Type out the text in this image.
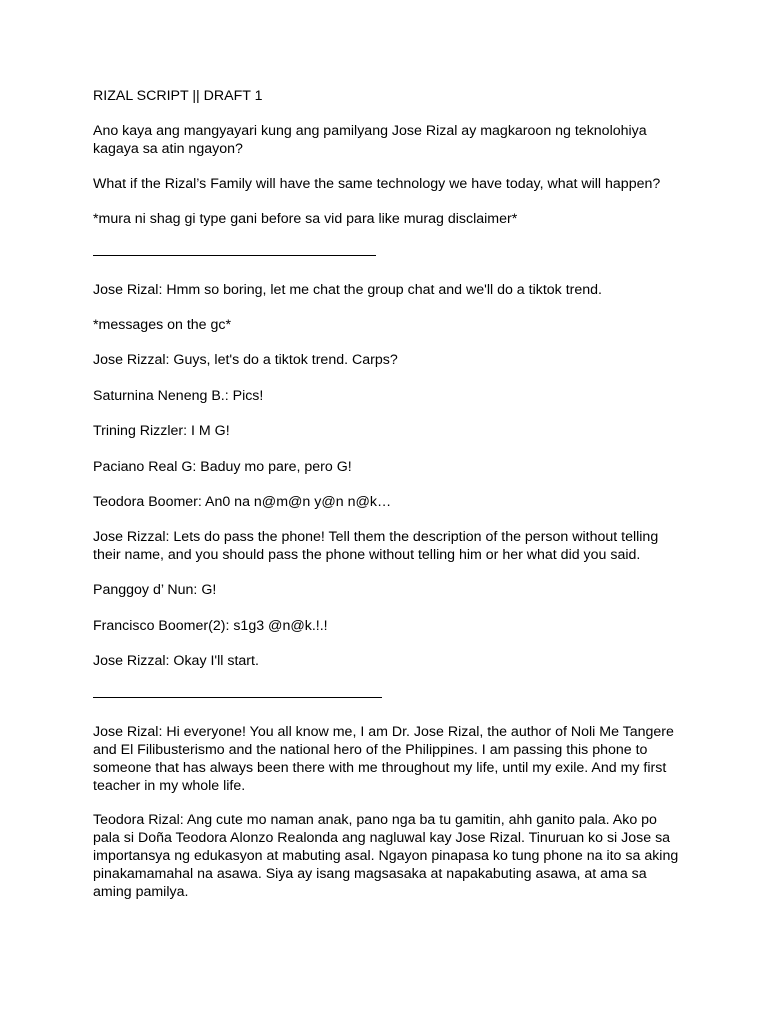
RIZAL SCRIPT || DRAFT 1
Ano kaya ang mangyayari kung ang pamilyang Jose Rizal ay magkaroon ng teknolohiya kagaya sa atin ngayon?
What if the Rizal’s Family will have the same technology we have today, what will happen?
*mura ni shag gi type gani before sa vid para like murag disclaimer*
Jose Rizal: Hmm so boring, let me chat the group chat and we'll do a tiktok trend.
*messages on the gc*
Jose Rizzal: Guys, let's do a tiktok trend. Carps?
Saturnina Neneng B.: Pics!
Trining Rizzler: I M G!
Paciano Real G: Baduy mo pare, pero G!
Teodora Boomer: An0 na n@m@n y@n n@k…
Jose Rizzal: Lets do pass the phone! Tell them the description of the person without telling their name, and you should pass the phone without telling him or her what did you said.
Panggoy d’ Nun: G!
Francisco Boomer(2): s1g3 @n@k.!.!
Jose Rizzal: Okay I'll start.
Jose Rizal: Hi everyone! You all know me, I am Dr. Jose Rizal, the author of Noli Me Tangere and El Filibusterismo and the national hero of the Philippines. I am passing this phone to someone that has always been there with me throughout my life, until my exile. And my first teacher in my whole life.
Teodora Rizal: Ang cute mo naman anak, pano nga ba tu gamitin, ahh ganito pala. Ako po pala si Doña Teodora Alonzo Realonda ang nagluwal kay Jose Rizal. Tinuruan ko si Jose sa importansya ng edukasyon at mabuting asal. Ngayon pinapasa ko tung phone na ito sa aking pinakamamahal na asawa. Siya ay isang magsasaka at napakabuting asawa, at ama sa aming pamilya.
